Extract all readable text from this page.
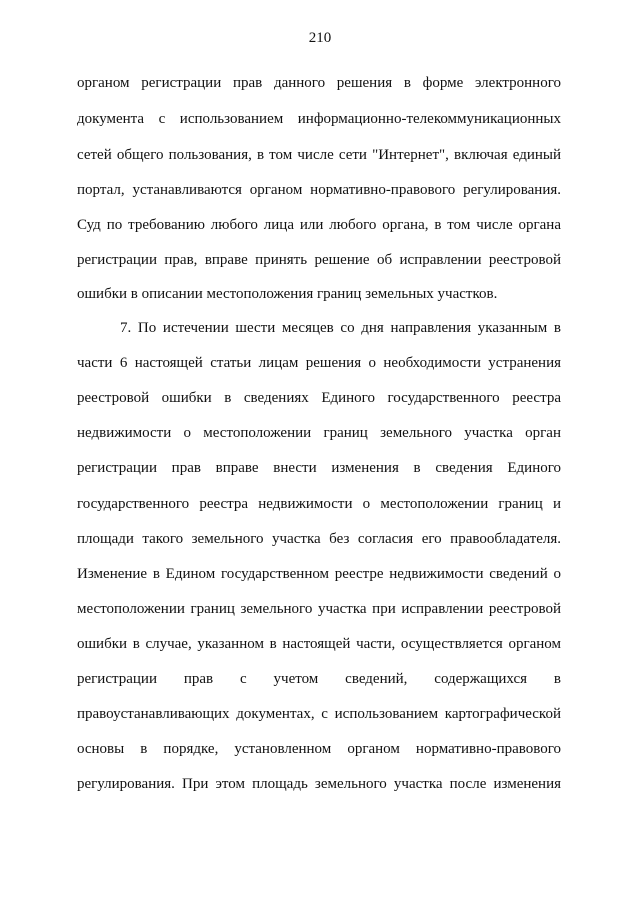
210
органом регистрации прав данного решения в форме электронного
документа с использованием информационно-телекоммуникационных
сетей общего пользования, в том числе сети "Интернет", включая единый
портал, устанавливаются органом нормативно-правового регулирования.
Суд по требованию любого лица или любого органа, в том числе органа
регистрации прав, вправе принять решение об исправлении реестровой
ошибки в описании местоположения границ земельных участков.
7. По истечении шести месяцев со дня направления указанным в
части 6 настоящей статьи лицам решения о необходимости устранения
реестровой ошибки в сведениях Единого государственного реестра
недвижимости о местоположении границ земельного участка орган
регистрации прав вправе внести изменения в сведения Единого
государственного реестра недвижимости о местоположении границ и
площади такого земельного участка без согласия его правообладателя.
Изменение в Едином государственном реестре недвижимости сведений о
местоположении границ земельного участка при исправлении реестровой
ошибки в случае, указанном в настоящей части, осуществляется органом
регистрации прав с учетом сведений, содержащихся в
правоустанавливающих документах, с использованием картографической
основы в порядке, установленном органом нормативно-правового
регулирования. При этом площадь земельного участка после изменения
